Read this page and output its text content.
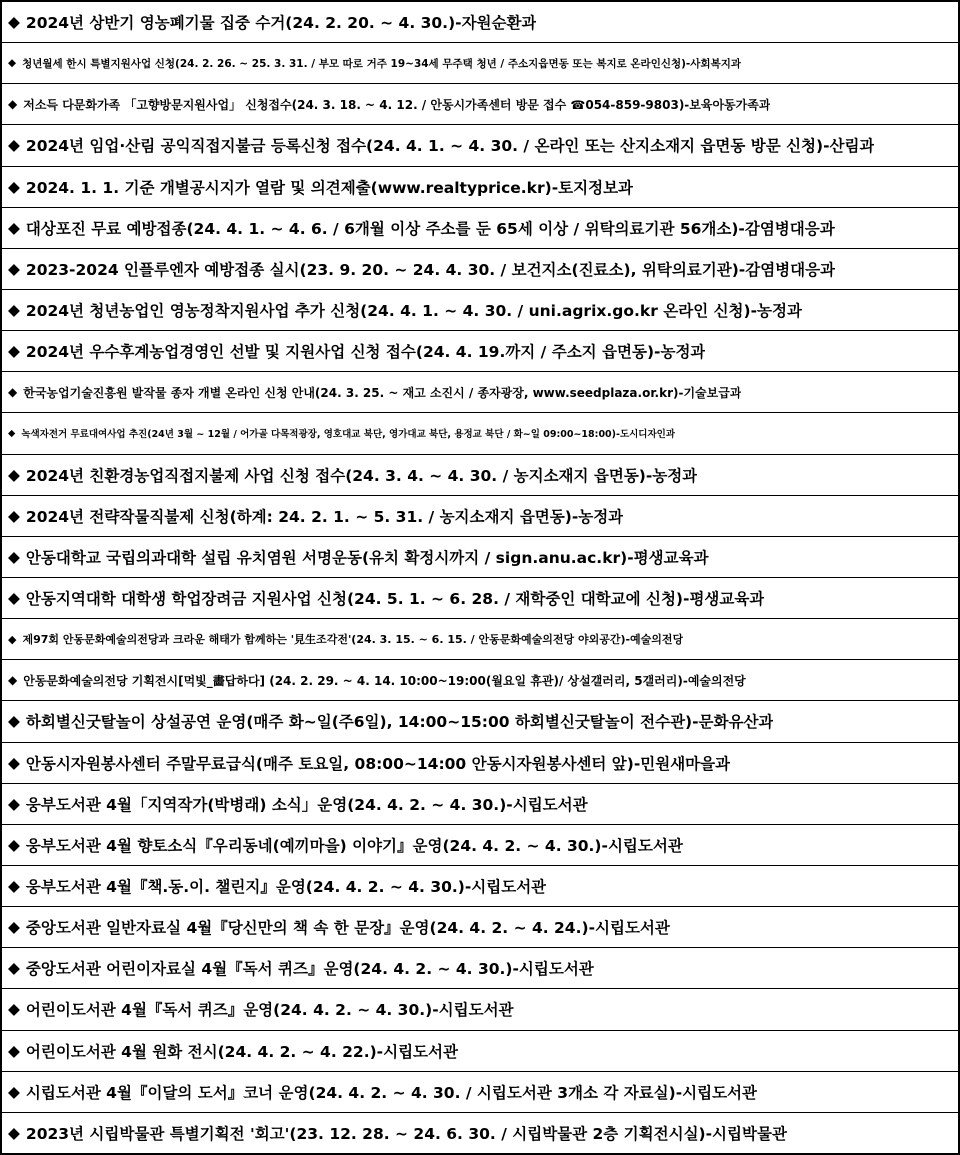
◆ 2024년 상반기 영농폐기물 집중 수거(24. 2. 20. ~ 4. 30.)-자원순환과
◆ 청년월세 한시 특별지원사업 신청(24. 2. 26. ~ 25. 3. 31. / 부모 따로 거주 19~34세 무주택 청년 / 주소지읍면동 또는 복지로 온라인신청)-사회복지과
◆ 저소득 다문화가족 「고향방문지원사업」 신청접수(24. 3. 18. ~ 4. 12. / 안동시가족센터 방문 접수 ☎054-859-9803)-보육아동가족과
◆ 2024년 임업·산림 공익직접지불금 등록신청 접수(24. 4. 1. ~ 4. 30. / 온라인 또는 산지소재지 읍면동 방문 신청)-산림과
◆ 2024. 1. 1. 기준 개별공시지가 열람 및 의견제출(www.realtyprice.kr)-토지정보과
◆ 대상포진 무료 예방접종(24. 4. 1. ~ 4. 6. / 6개월 이상 주소를 둔 65세 이상 / 위탁의료기관 56개소)-감염병대응과
◆ 2023-2024 인플루엔자 예방접종 실시(23. 9. 20. ~ 24. 4. 30. / 보건지소(진료소), 위탁의료기관)-감염병대응과
◆ 2024년 청년농업인 영농정착지원사업 추가 신청(24. 4. 1. ~ 4. 30. / uni.agrix.go.kr 온라인 신청)-농정과
◆ 2024년 우수후계농업경영인 선발 및 지원사업 신청 접수(24. 4. 19.까지 / 주소지 읍면동)-농정과
◆ 한국농업기술진흥원 발작물 종자 개별 온라인 신청 안내(24. 3. 25. ~ 재고 소진시 / 종자광장, www.seedplaza.or.kr)-기술보급과
◆ 녹색자전거 무료대여사업 추진(24년 3월 ~ 12월 / 어가골 다목적광장, 영호대교 북단, 영가대교 북단, 용정교 북단 / 화~일 09:00~18:00)-도시디자인과
◆ 2024년 친환경농업직접지불제 사업 신청 접수(24. 3. 4. ~ 4. 30. / 농지소재지 읍면동)-농정과
◆ 2024년 전략작물직불제 신청(하계: 24. 2. 1. ~ 5. 31. / 농지소재지 읍면동)-농정과
◆ 안동대학교 국립의과대학 설립 유치염원 서명운동(유치 확정시까지 / sign.anu.ac.kr)-평생교육과
◆ 안동지역대학 대학생 학업장려금 지원사업 신청(24. 5. 1. ~ 6. 28. / 재학중인 대학교에 신청)-평생교육과
◆ 제97회 안동문화예술의전당과 크라운 해태가 함께하는 '見生조각전'(24. 3. 15. ~ 6. 15. / 안동문화예술의전당 야외공간)-예술의전당
◆ 안동문화예술의전당 기획전시[먹빛_畵답하다] (24. 2. 29. ~ 4. 14. 10:00~19:00(월요일 휴관)/ 상설갤러리, 5갤러리)-예술의전당
◆ 하회별신굿탈놀이 상설공연 운영(매주 화~일(주6일), 14:00~15:00 하회별신굿탈놀이 전수관)-문화유산과
◆ 안동시자원봉사센터 주말무료급식(매주 토요일, 08:00~14:00 안동시자원봉사센터 앞)-민원새마을과
◆ 웅부도서관 4월「지역작가(박병래) 소식」운영(24. 4. 2. ~ 4. 30.)-시립도서관
◆ 웅부도서관 4월 향토소식『우리동네(예끼마을) 이야기』운영(24. 4. 2. ~ 4. 30.)-시립도서관
◆ 웅부도서관 4월『책.동.이. 챌린지』운영(24. 4. 2. ~ 4. 30.)-시립도서관
◆ 중앙도서관 일반자료실 4월『당신만의 책 속 한 문장』운영(24. 4. 2. ~ 4. 24.)-시립도서관
◆ 중앙도서관 어린이자료실 4월『독서 퀴즈』운영(24. 4. 2. ~ 4. 30.)-시립도서관
◆ 어린이도서관 4월『독서 퀴즈』운영(24. 4. 2. ~ 4. 30.)-시립도서관
◆ 어린이도서관 4월 원화 전시(24. 4. 2. ~ 4. 22.)-시립도서관
◆ 시립도서관 4월『이달의 도서』코너 운영(24. 4. 2. ~ 4. 30. / 시립도서관 3개소 각 자료실)-시립도서관
◆ 2023년 시립박물관 특별기획전 '회고'(23. 12. 28. ~ 24. 6. 30. / 시립박물관 2층 기획전시실)-시립박물관
